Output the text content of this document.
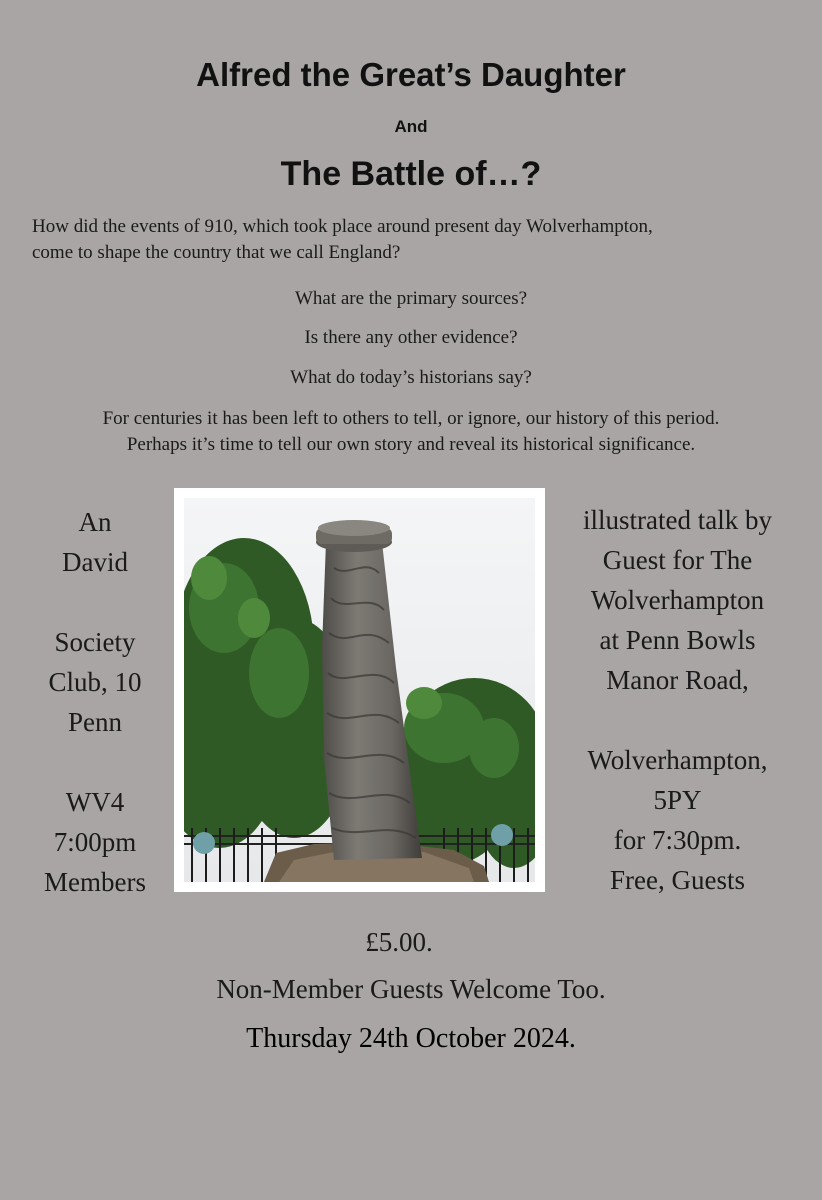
Alfred the Great’s Daughter
And
The Battle of…?
How did the events of 910, which took place around present day Wolverhampton,
come to shape the country that we call England?
What are the primary sources?
Is there any other evidence?
What do today’s historians say?
For centuries it has been left to others to tell, or ignore, our history of this period.
Perhaps it’s time to tell our own story and reveal its historical significance.
An
David
Society
Club, 10
Penn
WV4
7:00pm
Members
illustrated talk by
Guest for The
Wolverhampton
at Penn Bowls
Manor Road,
Wolverhampton,
5PY
for 7:30pm.
Free, Guests
£5.00.
Non-Member Guests Welcome Too.
Thursday 24th October 2024.
